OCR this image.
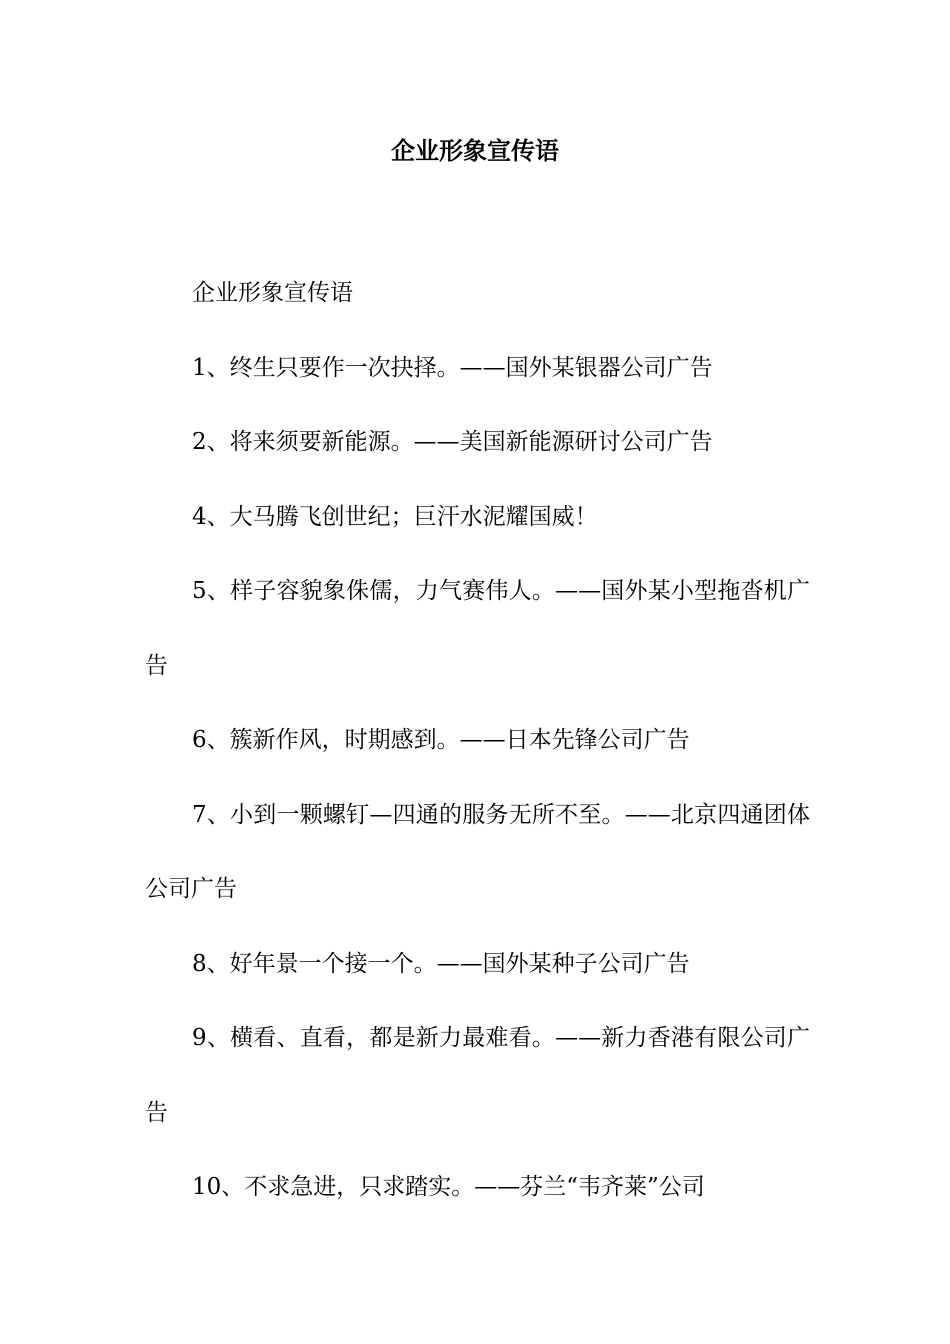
企业形象宣传语

企业形象宣传语

1、终生只要作一次抉择。——国外某银器公司广告

2、将来须要新能源。——美国新能源研讨公司广告

4、大马腾飞创世纪；巨汗水泥耀国威！

5、样子容貌象侏儒，力气赛伟人。——国外某小型拖沓机广告

6、簇新作风，时期感到。——日本先锋公司广告

7、小到一颗螺钉—四通的服务无所不至。——北京四通团体公司广告

8、好年景一个接一个。——国外某种子公司广告

9、横看、直看，都是新力最难看。——新力香港有限公司广告

10、不求急进，只求踏实。——芬兰“韦齐莱”公司
